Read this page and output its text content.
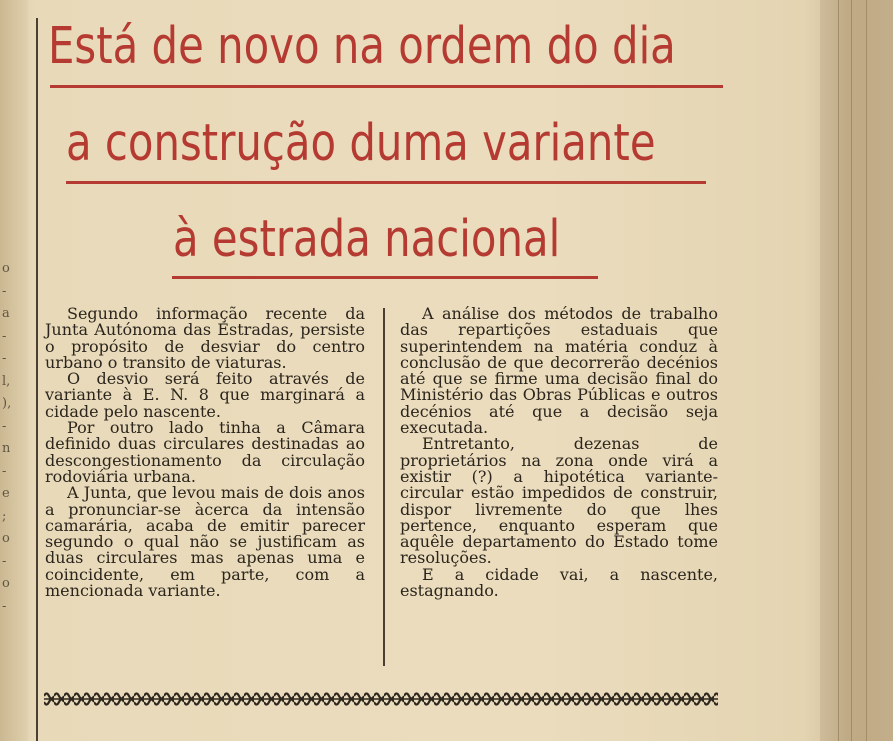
o
-
a
-
-
l,
),
-
n
-
e
;
o
-
o
-
Está de novo na ordem do dia
a construção duma variante
à estrada nacional

Segundo informação recente da Junta Autónoma das Estradas, persiste o propósito de desviar do centro urbano o transito de viaturas.

O desvio será feito através de variante à E. N. 8 que marginará a cidade pelo nascente.

Por outro lado tinha a Câmara definido duas circulares destinadas ao descongestionamento da circulação rodoviária urbana.

A Junta, que levou mais de dois anos a pronunciar-se àcerca da intensão camarária, acaba de emitir parecer segundo o qual não se justificam as duas circulares mas apenas uma e coincidente, em parte, com a mencionada variante.

A análise dos métodos de trabalho das repartições estaduais que superintendem na matéria conduz à conclusão de que decorrerão decénios até que se firme uma decisão final do Ministério das Obras Públicas e outros decénios até que a decisão seja executada.

Entretanto, dezenas de proprietários na zona onde virá a existir (?) a hipotética variante-circular estão impedidos de construir, dispor livremente do que lhes pertence, enquanto esperam que aquêle departamento do Estado tome resoluções.

E a cidade vai, a nascente, estagnando.
